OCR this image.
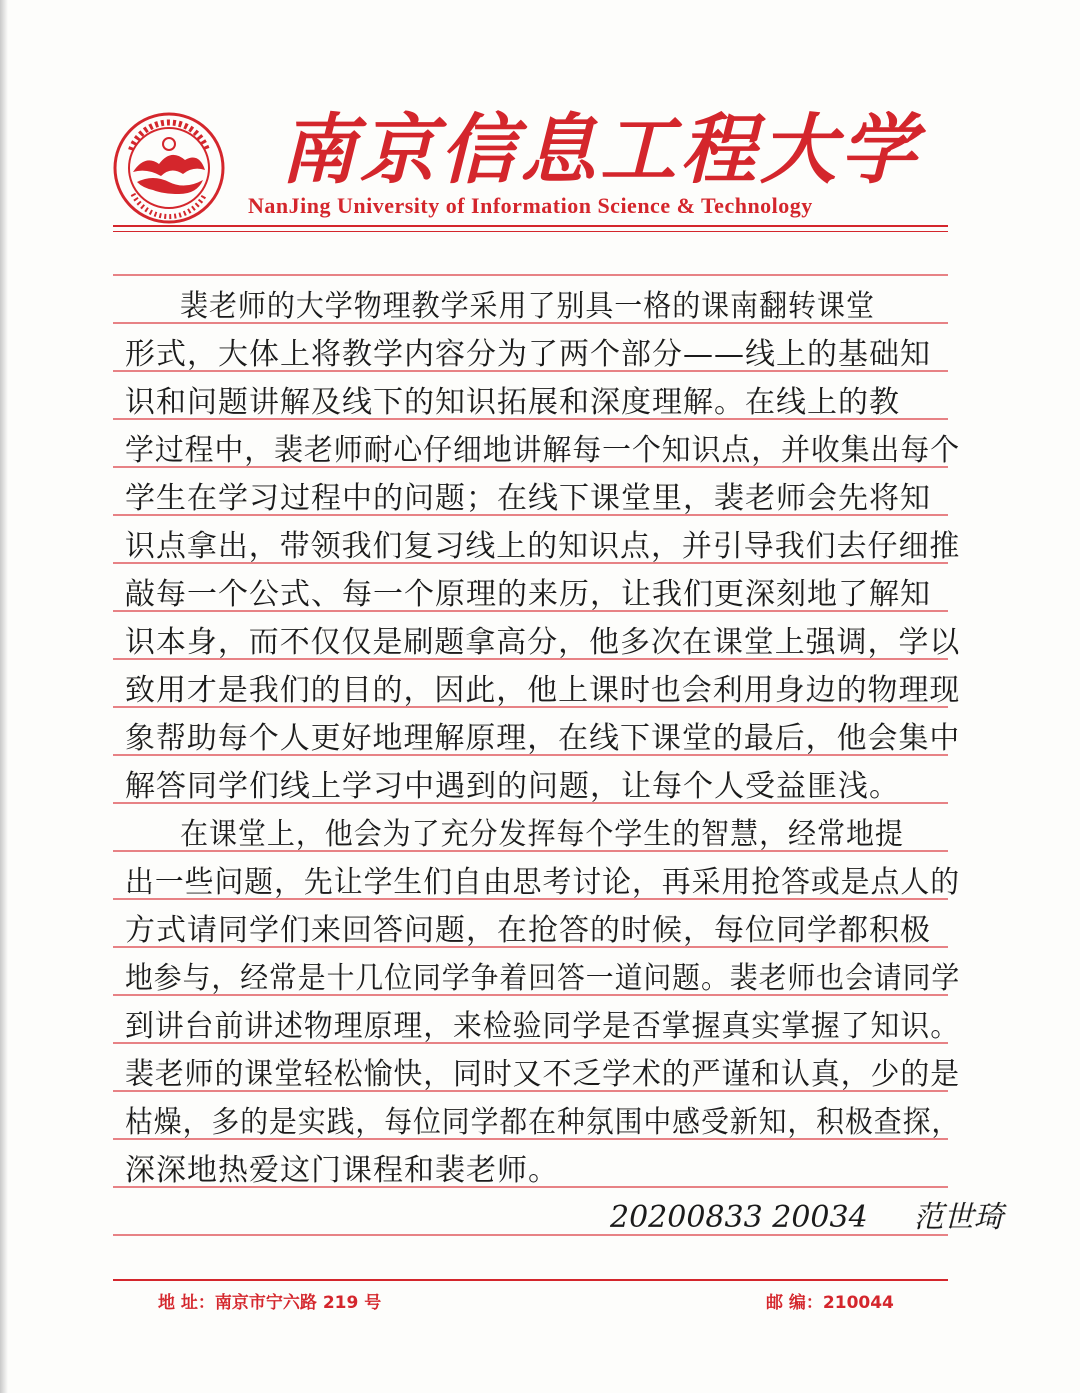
南京信息工程大学
NanJing University of Information Science & Technology
裴老师的大学物理教学采用了别具一格的课南翻转课堂
形式，大体上将教学内容分为了两个部分——线上的基础知
识和问题讲解及线下的知识拓展和深度理解。在线上的教
学过程中，裴老师耐心仔细地讲解每一个知识点，并收集出每个
学生在学习过程中的问题；在线下课堂里，裴老师会先将知
识点拿出，带领我们复习线上的知识点，并引导我们去仔细推
敲每一个公式、每一个原理的来历，让我们更深刻地了解知
识本身，而不仅仅是刷题拿高分，他多次在课堂上强调，学以
致用才是我们的目的，因此，他上课时也会利用身边的物理现
象帮助每个人更好地理解原理，在线下课堂的最后，他会集中
解答同学们线上学习中遇到的问题，让每个人受益匪浅。
在课堂上，他会为了充分发挥每个学生的智慧，经常地提
出一些问题，先让学生们自由思考讨论，再采用抢答或是点人的
方式请同学们来回答问题，在抢答的时候，每位同学都积极
地参与，经常是十几位同学争着回答一道问题。裴老师也会请同学
到讲台前讲述物理原理，来检验同学是否掌握真实掌握了知识。
裴老师的课堂轻松愉快，同时又不乏学术的严谨和认真，少的是
枯燥，多的是实践，每位同学都在种氛围中感受新知，积极查探，
深深地热爱这门课程和裴老师。
20200833 20034 范世琦
地 址：南京市宁六路 219 号	邮 编：210044
